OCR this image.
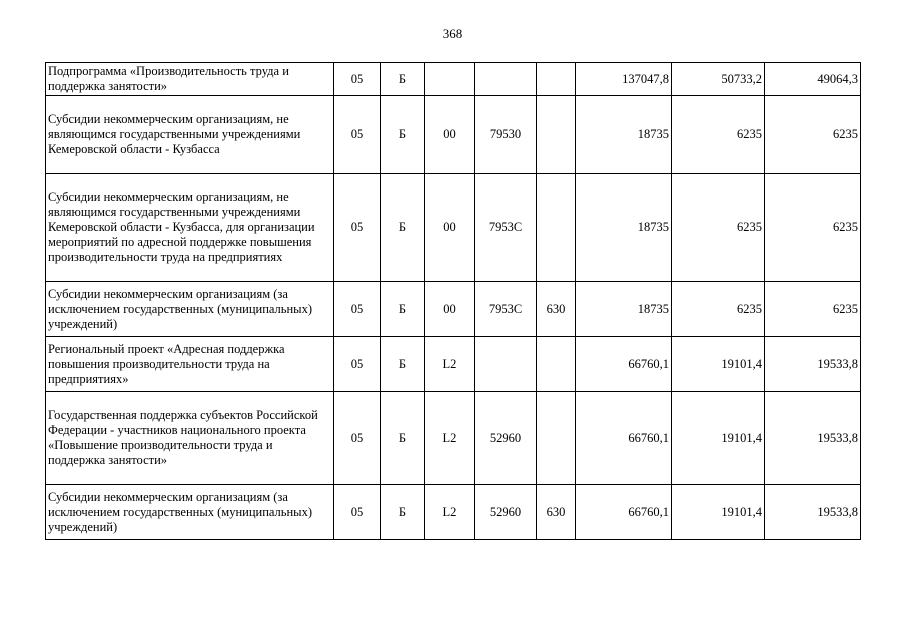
368
Подпрограмма «Производительность труда и поддержка занятости»	05	Б				137047,8	50733,2	49064,3
Субсидии некоммерческим организациям, не являющимся государственными учреждениями Кемеровской области - Кузбасса	05	Б	00	79530		18735	6235	6235
Субсидии некоммерческим организациям, не являющимся государственными учреждениями Кемеровской области - Кузбасса, для организации мероприятий по адресной поддержке повышения производительности труда на предприятиях	05	Б	00	7953С		18735	6235	6235
Субсидии некоммерческим организациям (за исключением государственных (муниципальных) учреждений)	05	Б	00	7953С	630	18735	6235	6235
Региональный проект «Адресная поддержка повышения производительности труда на предприятиях»	05	Б	L2			66760,1	19101,4	19533,8
Государственная поддержка субъектов Российской Федерации - участников национального проекта «Повышение производительности труда и поддержка занятости»	05	Б	L2	52960		66760,1	19101,4	19533,8
Субсидии некоммерческим организациям (за исключением государственных (муниципальных) учреждений)	05	Б	L2	52960	630	66760,1	19101,4	19533,8
